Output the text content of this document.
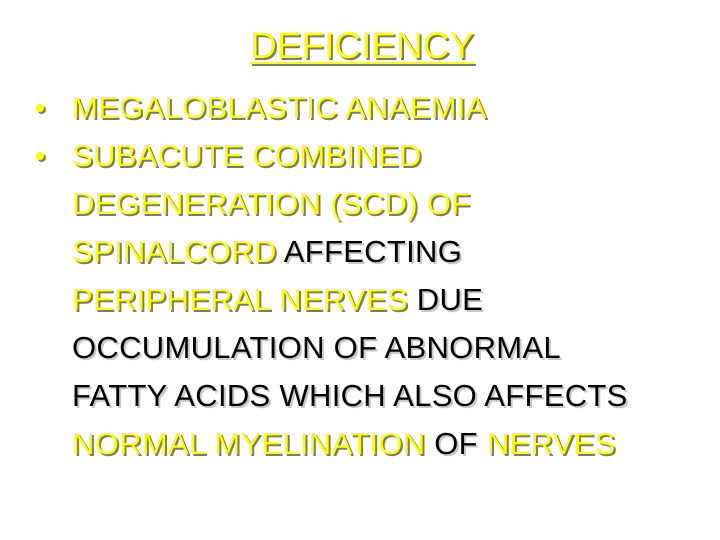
DEFICIENCY
• MEGALOBLASTIC ANAEMIA
• SUBACUTE COMBINED DEGENERATION (SCD) OF SPINALCORD AFFECTING PERIPHERAL NERVES DUE OCCUMULATION OF ABNORMAL FATTY ACIDS WHICH ALSO AFFECTS NORMAL MYELINATION OF NERVES
